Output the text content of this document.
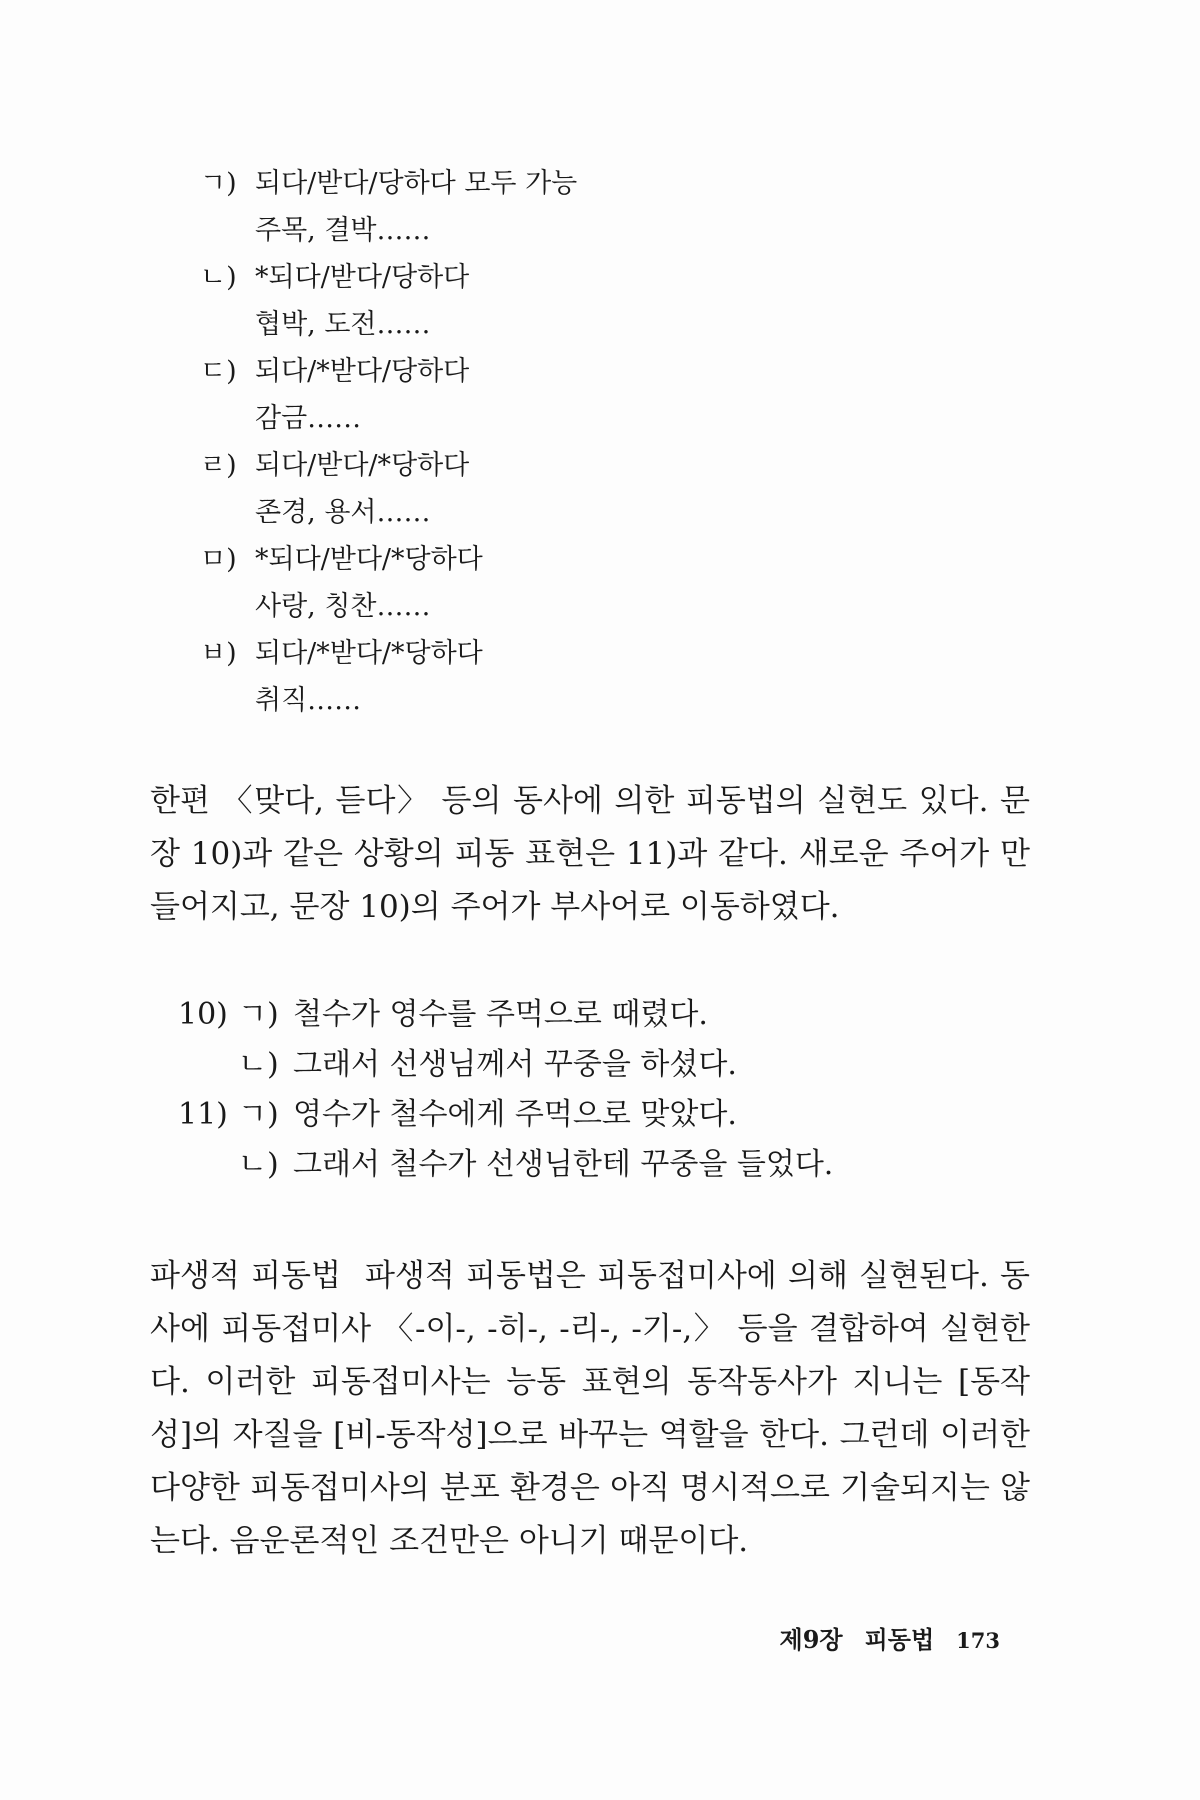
ㄱ) 되다/받다/당하다 모두 가능
주목, 결박……
ㄴ) *되다/받다/당하다
협박, 도전……
ㄷ) 되다/*받다/당하다
감금……
ㄹ) 되다/받다/*당하다
존경, 용서……
ㅁ) *되다/받다/*당하다
사랑, 칭찬……
ㅂ) 되다/*받다/*당하다
취직……

한편 〈맞다, 듣다〉 등의 동사에 의한 피동법의 실현도 있다. 문장 10)과 같은 상황의 피동 표현은 11)과 같다. 새로운 주어가 만들어지고, 문장 10)의 주어가 부사어로 이동하였다.

10) ㄱ) 철수가 영수를 주먹으로 때렸다.
ㄴ) 그래서 선생님께서 꾸중을 하셨다.
11) ㄱ) 영수가 철수에게 주먹으로 맞았다.
ㄴ) 그래서 철수가 선생님한테 꾸중을 들었다.

파생적 피동법 파생적 피동법은 피동접미사에 의해 실현된다. 동사에 피동접미사 〈-이-, -히-, -리-, -기-,〉 등을 결합하여 실현한다. 이러한 피동접미사는 능동 표현의 동작동사가 지니는 [동작성]의 자질을 [비-동작성]으로 바꾸는 역할을 한다. 그런데 이러한 다양한 피동접미사의 분포 환경은 아직 명시적으로 기술되지는 않는다. 음운론적인 조건만은 아니기 때문이다.

제9장 피동법 173
